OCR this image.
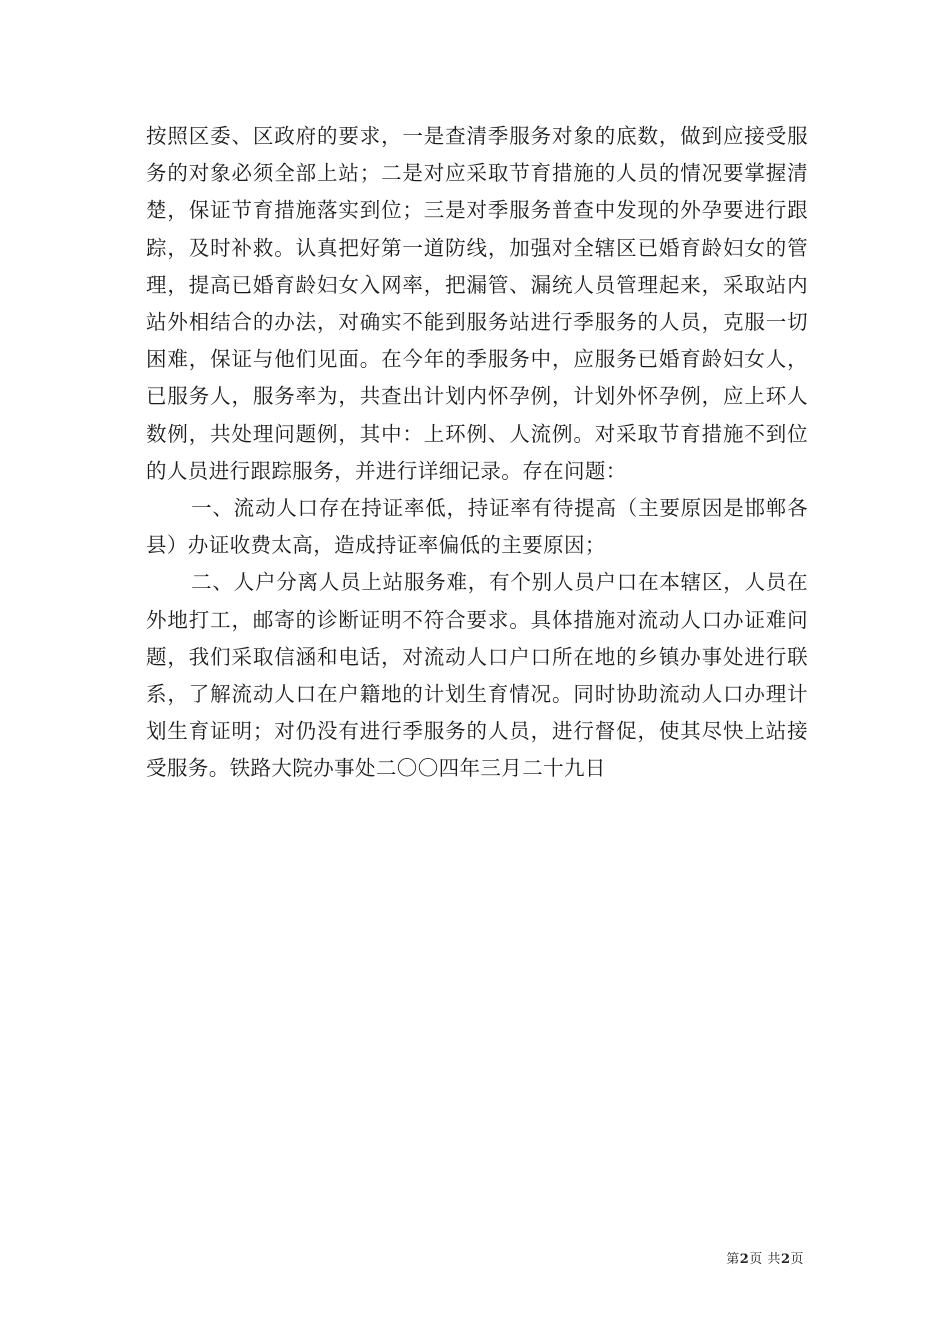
按照区委、区政府的要求，一是查清季服务对象的底数，做到应接受服务的对象必须全部上站；二是对应采取节育措施的人员的情况要掌握清楚，保证节育措施落实到位；三是对季服务普查中发现的外孕要进行跟踪，及时补救。认真把好第一道防线，加强对全辖区已婚育龄妇女的管理，提高已婚育龄妇女入网率，把漏管、漏统人员管理起来，采取站内站外相结合的办法，对确实不能到服务站进行季服务的人员，克服一切困难，保证与他们见面。在今年的季服务中，应服务已婚育龄妇女人，已服务人，服务率为，共查出计划内怀孕例，计划外怀孕例，应上环人数例，共处理问题例，其中：上环例、人流例。对采取节育措施不到位的人员进行跟踪服务，并进行详细记录。存在问题：

一、流动人口存在持证率低，持证率有待提高（主要原因是邯郸各县）办证收费太高，造成持证率偏低的主要原因；

二、人户分离人员上站服务难，有个别人员户口在本辖区，人员在外地打工，邮寄的诊断证明不符合要求。具体措施对流动人口办证难问题，我们采取信涵和电话，对流动人口户口所在地的乡镇办事处进行联系，了解流动人口在户籍地的计划生育情况。同时协助流动人口办理计划生育证明；对仍没有进行季服务的人员，进行督促，使其尽快上站接受服务。铁路大院办事处二〇〇四年三月二十九日

第2页 共2页
